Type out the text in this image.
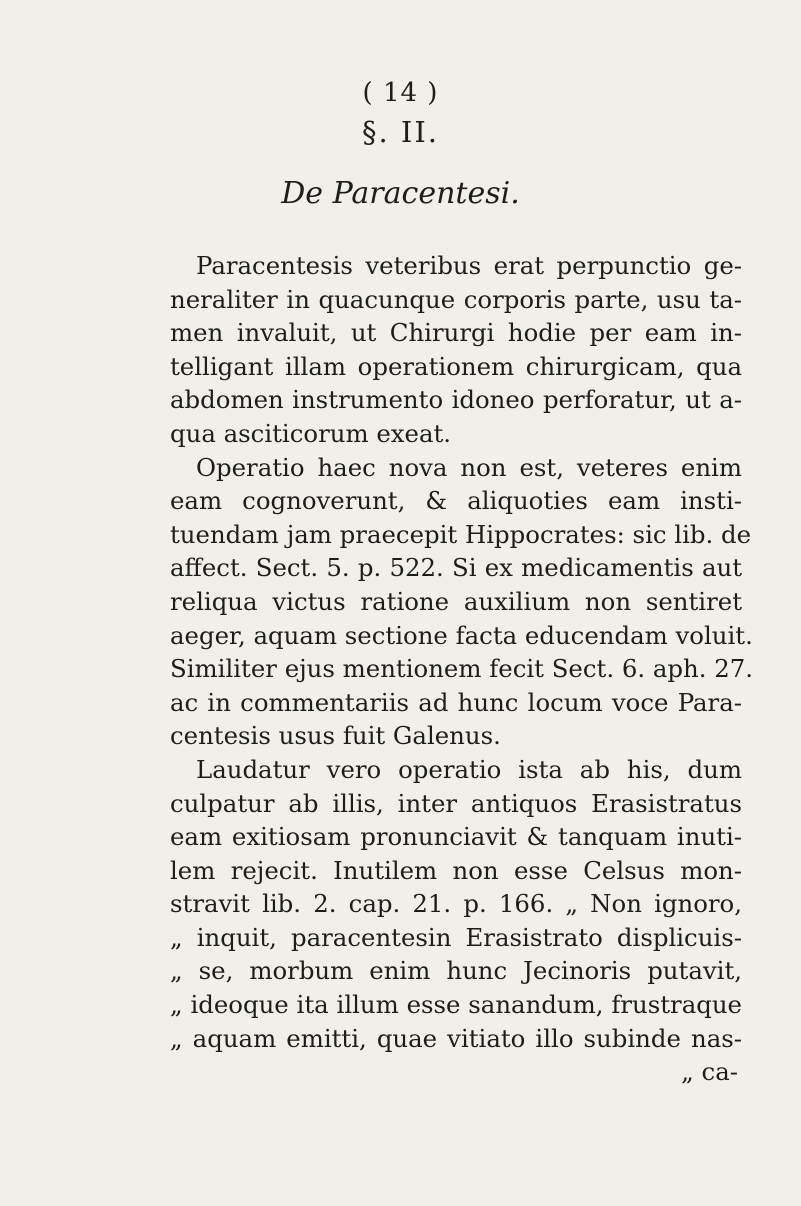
( 14 )
§. II.
De Paracentesi.
Paracentesis veteribus erat perpunctio ge-
neraliter in quacunque corporis parte, usu ta-
men invaluit, ut Chirurgi hodie per eam in-
telligant illam operationem chirurgicam, qua
abdomen instrumento idoneo perforatur, ut a-
qua asciticorum exeat.
Operatio haec nova non est, veteres enim
eam cognoverunt, & aliquoties eam insti-
tuendam jam praecepit Hippocrates: sic lib. de
affect. Sect. 5. p. 522. Si ex medicamentis aut
reliqua victus ratione auxilium non sentiret
aeger, aquam sectione facta educendam voluit.
Similiter ejus mentionem fecit Sect. 6. aph. 27.
ac in commentariis ad hunc locum voce Para-
centesis usus fuit Galenus.
Laudatur vero operatio ista ab his, dum
culpatur ab illis, inter antiquos Erasistratus
eam exitiosam pronunciavit & tanquam inuti-
lem rejecit. Inutilem non esse Celsus mon-
stravit lib. 2. cap. 21. p. 166. „ Non ignoro,
„ inquit, paracentesin Erasistrato displicuis-
„ se, morbum enim hunc Jecinoris putavit,
„ ideoque ita illum esse sanandum, frustraque
„ aquam emitti, quae vitiato illo subinde nas-
„ ca-
